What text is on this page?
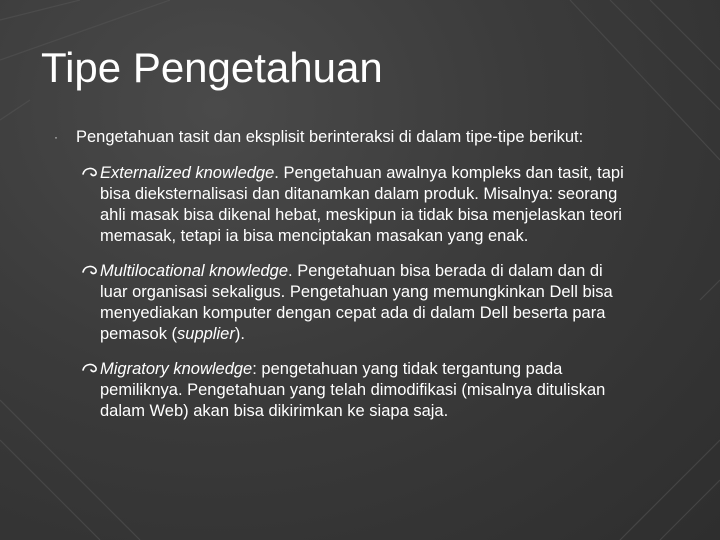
Tipe Pengetahuan
· Pengetahuan tasit dan eksplisit berinteraksi di dalam tipe-tipe berikut:
Externalized knowledge. Pengetahuan awalnya kompleks dan tasit, tapi bisa dieksternalisasi dan ditanamkan dalam produk. Misalnya: seorang ahli masak bisa dikenal hebat, meskipun ia tidak bisa menjelaskan teori memasak, tetapi ia bisa menciptakan masakan yang enak.
Multilocational knowledge. Pengetahuan bisa berada di dalam dan di luar organisasi sekaligus. Pengetahuan yang memungkinkan Dell bisa menyediakan komputer dengan cepat ada di dalam Dell beserta para pemasok (supplier).
Migratory knowledge: pengetahuan yang tidak tergantung pada pemiliknya. Pengetahuan yang telah dimodifikasi (misalnya dituliskan dalam Web) akan bisa dikirimkan ke siapa saja.
